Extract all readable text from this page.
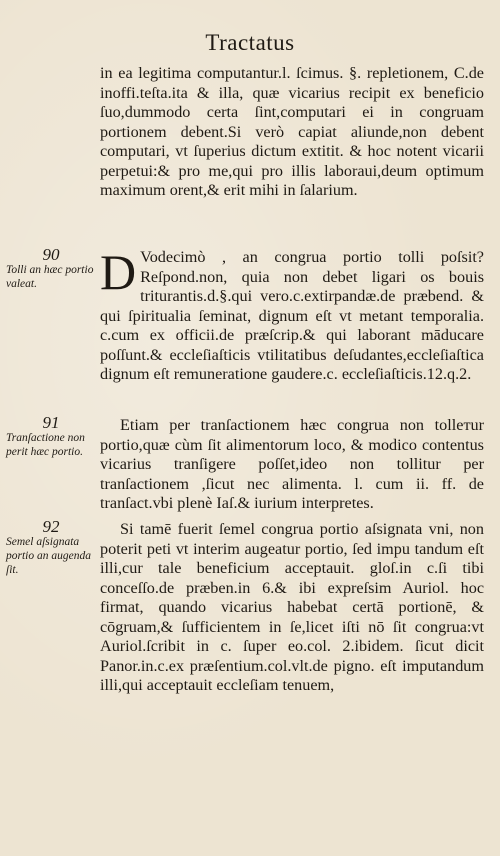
Tractatus

in ea legitima computantur.l. ſcimus. §. repletionem, C.de inoffi.teſta.ita & illa, quæ vicarius recipit ex beneficio ſuo,dummodo certa ſint,computari ei in congruam portionem debent.Si verò capiat aliunde,non debent computari, vt ſuperius dictum extitit. & hoc notent vicarii perpetui:& pro me,qui pro illis laboraui,deum optimum maximum orent,& erit mihi in ſalarium.

90
Tolli an hæc portio valeat.	D Vodecimò , an congrua portio tolli poſsit? Reſpond.non, quia non debet ligari os bouis triturantis.d.§.qui vero.c.extirpandæ.de præbend. & qui ſpiritualia ſeminat, dignum eſt vt metant temporalia. c.cum ex officii.de præſcrip.& qui laborant māducare poſſunt.& eccleſiaſticis vtilitatibus deſudantes,eccleſiaſtica dignum eſt remuneratione gaudere.c. eccleſiaſticis.12.q.2.

91
Tranſactione non perit hæc portio.

Etiam per tranſactionem hæc congrua non tollетur portio,quæ cùm ſit alimentorum loco, & modico contentus vicarius tranſigere poſſet,ideo non tollitur per tranſactionem ,ſicut nec alimenta. l. cum ii. ff. de tranſact.vbi plenè Iaſ.& iurium interpretes.

92
Semel aſsignata portio an augenda ſit.

Si tamē fuerit ſemel congrua portio aſsignata vni, non poterit peti vt interim augeatur portio, ſed impu tandum eſt illi,cur tale beneficium acceptauit. gloſ.in c.ſi tibi conceſſo.de præben.in 6.& ibi expreſsim Auriol. hoc firmat, quando vicarius habebat certā portionē, & cōgruam,& ſufficientem in ſe,licet iſti nō ſit congrua:vt Auriol.ſcribit in c. ſuper eo.col. 2.ibidem. ſicut dicit Panor.in.c.ex præſentium.col.vlt.de pigno. eſt imputandum illi,qui acceptauit eccleſiam tenuem,
